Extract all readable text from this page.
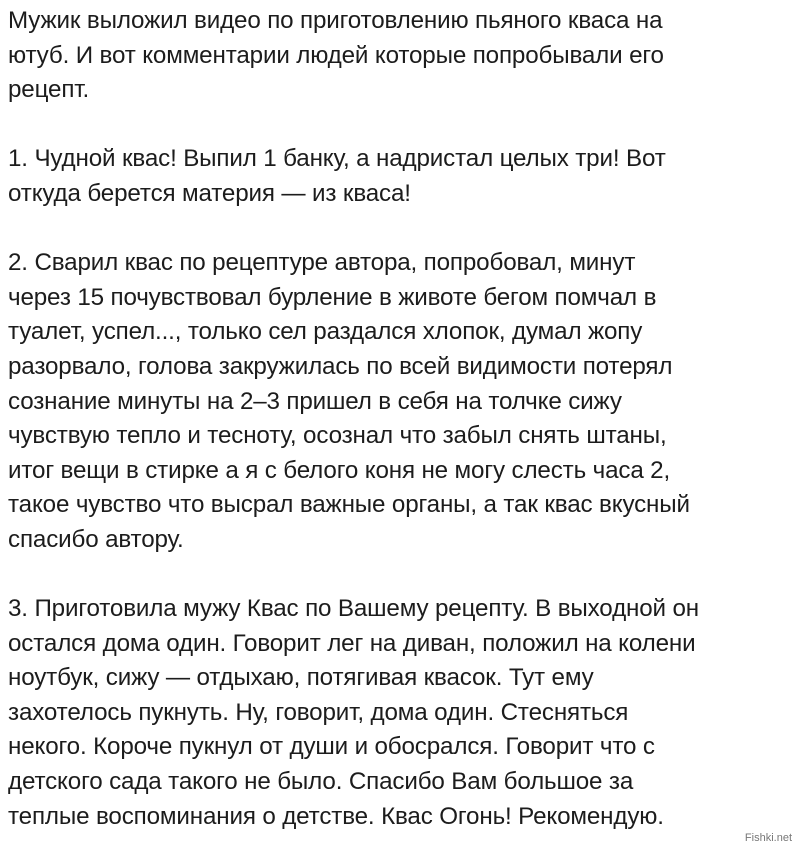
Мужик выложил видео по приготовлению пьяного кваса на
ютуб. И вот комментарии людей которые попробывали его
рецепт.
1. Чудной квас! Выпил 1 банку, а надристал целых три! Вот
откуда берется материя — из кваса!
2. Сварил квас по рецептуре автора, попробовал, минут
через 15 почувствовал бурление в животе бегом помчал в
туалет, успел..., только сел раздался хлопок, думал жопу
разорвало, голова закружилась по всей видимости потерял
сознание минуты на 2–3 пришел в себя на толчке сижу
чувствую тепло и тесноту, осознал что забыл снять штаны,
итог вещи в стирке а я с белого коня не могу слесть часа 2,
такое чувство что высрал важные органы, а так квас вкусный
спасибо автору.
3. Приготовила мужу Квас по Вашему рецепту. В выходной он
остался дома один. Говорит лег на диван, положил на колени
ноутбук, сижу — отдыхаю, потягивая квасок. Тут ему
захотелось пукнуть. Ну, говорит, дома один. Стесняться
некого. Короче пукнул от души и обосрался. Говорит что с
детского сада такого не было. Спасибо Вам большое за
теплые воспоминания о детстве. Квас Огонь! Рекомендую.
Fishki.net
